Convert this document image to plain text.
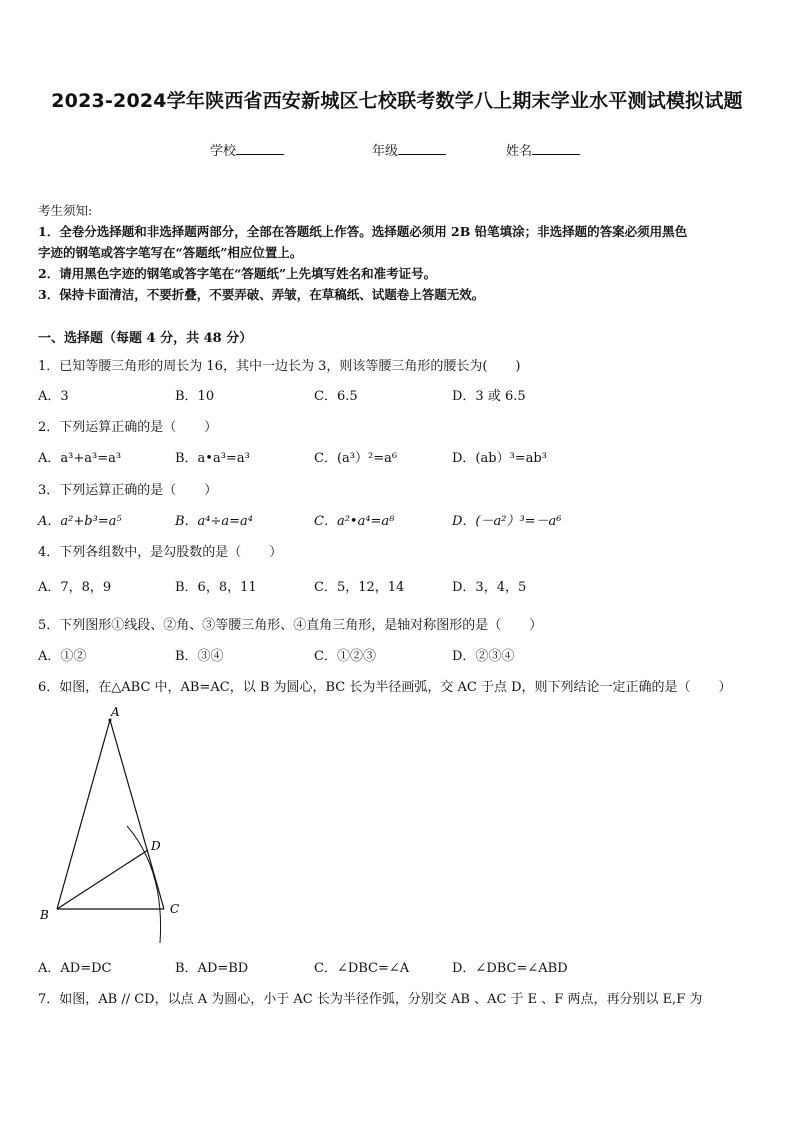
2023-2024学年陕西省西安新城区七校联考数学八上期末学业水平测试模拟试题
学校	年级	姓名
考生须知:
1．全卷分选择题和非选择题两部分，全部在答题纸上作答。选择题必须用 2B 铅笔填涂；非选择题的答案必须用黑色
字迹的钢笔或答字笔写在“答题纸”相应位置上。
2．请用黑色字迹的钢笔或答字笔在“答题纸”上先填写姓名和准考证号。
3．保持卡面清洁，不要折叠，不要弄破、弄皱，在草稿纸、试题卷上答题无效。
一、选择题（每题 4 分，共 48 分）
1．已知等腰三角形的周长为 16，其中一边长为 3，则该等腰三角形的腰长为( )
A．3	B．10	C．6.5	D．3 或 6.5
2．下列运算正确的是（ ）
A．a³+a³=a³	B．a•a³=a³	C．(a³）²=a⁶	D．(ab）³=ab³
3．下列运算正确的是（ ）
A．a²+b³=a⁵	B．a⁴÷a=a⁴	C．a²•a⁴=a⁸	D．(－a²）³=－a⁶
4．下列各组数中，是勾股数的是（ ）
A．7，8，9	B．6，8，11	C．5，12，14	D．3，4，5
5．下列图形①线段、②角、③等腰三角形、④直角三角形，是轴对称图形的是（ ）
A．①②	B．③④	C．①②③	D．②③④
6．如图，在△ABC 中，AB=AC，以 B 为圆心，BC 长为半径画弧，交 AC 于点 D，则下列结论一定正确的是（ ）
A
B	C
D
A．AD=DC	B．AD=BD	C．∠DBC=∠A	D．∠DBC=∠ABD
7．如图，AB // CD，以点 A 为圆心，小于 AC 长为半径作弧，分别交 AB 、AC 于 E 、F 两点，再分别以 E,F 为
